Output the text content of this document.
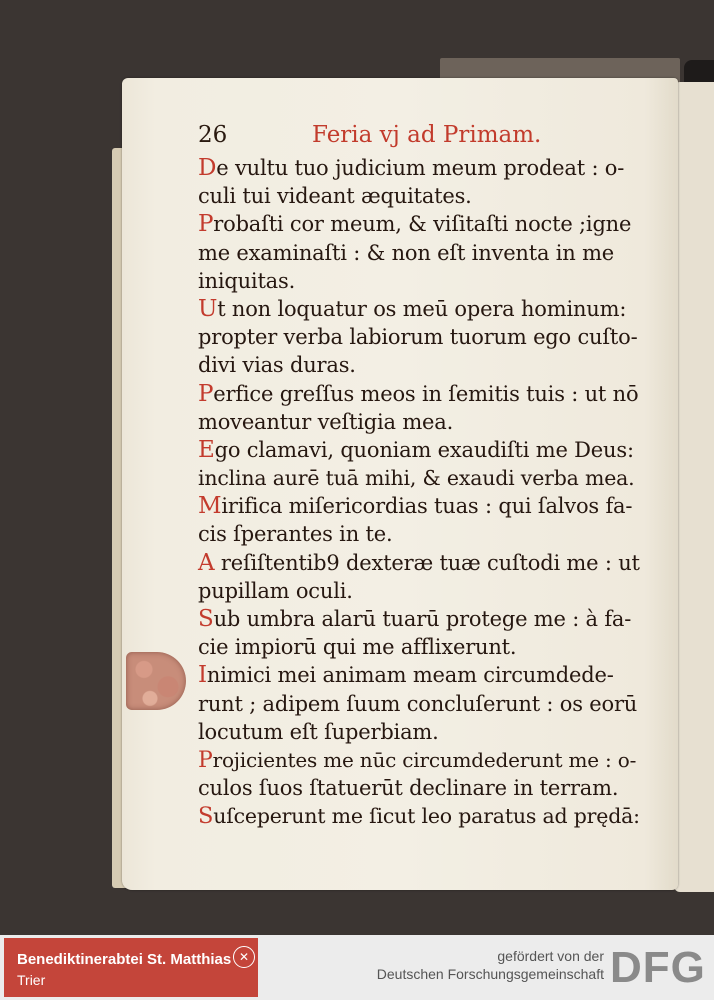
26	Feria vj ad Primam.
De vultu tuo judicium meum prodeat : o-
culi tui videant æquitates.
Probaſti cor meum, & viſitaſti nocte ;igne
me examinaſti : & non eſt inventa in me
iniquitas.
Ut non loquatur os meū opera hominum:
propter verba labiorum tuorum ego cuſto-
divi vias duras.
Perfice greſſus meos in ſemitis tuis : ut nō
moveantur veſtigia mea.
Ego clamavi, quoniam exaudiſti me Deus:
inclina aurē tuā mihi, & exaudi verba mea.
Mirifica miſericordias tuas : qui ſalvos fa-
cis ſperantes in te.
A reſiſtentib9 dexteræ tuæ cuſtodi me : ut
pupillam oculi.
Sub umbra alarū tuarū protege me : à fa-
cie impiorū qui me afflixerunt.
Inimici mei animam meam circumdede-
runt ; adipem ſuum concluſerunt : os eorū
locutum eſt ſuperbiam.
Projicientes me nūc circumdederunt me : o-
culos ſuos ſtatuerūt declinare in terram.
Suſceperunt me ſicut leo paratus ad prędā:
Benediktinerabtei St. Matthias
Trier
✕	gefördert von der
Deutschen Forschungsgemeinschaft DFG
